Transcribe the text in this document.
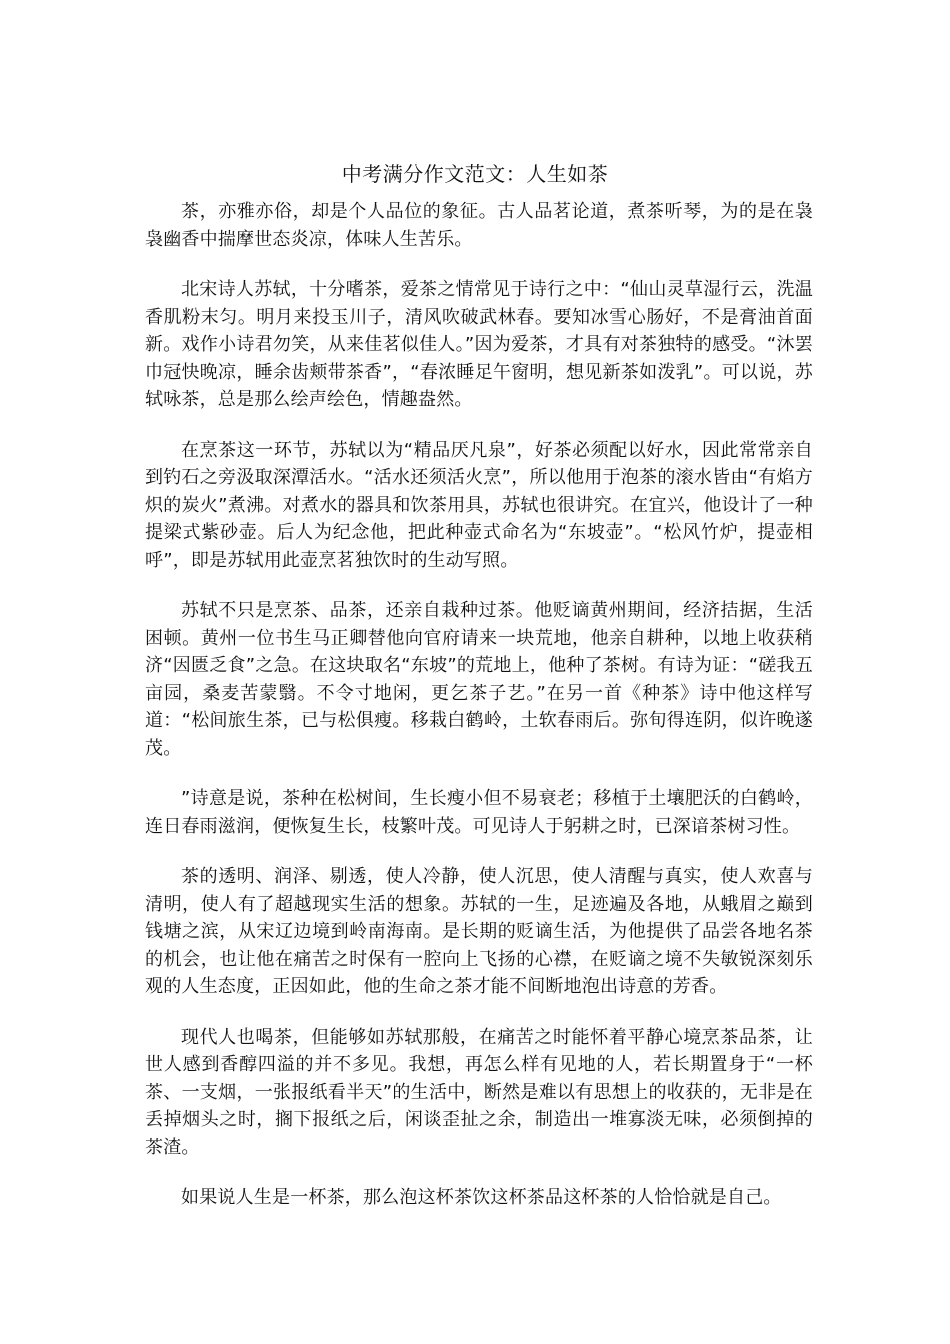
中考满分作文范文：人生如茶

茶，亦雅亦俗，却是个人品位的象征。古人品茗论道，煮茶听琴，为的是在袅袅幽香中揣摩世态炎凉，体味人生苦乐。

北宋诗人苏轼，十分嗜茶，爱茶之情常见于诗行之中：“仙山灵草湿行云，洗温香肌粉末匀。明月来投玉川子，清风吹破武林春。要知冰雪心肠好，不是膏油首面新。戏作小诗君勿笑，从来佳茗似佳人。”因为爱茶，才具有对茶独特的感受。“沐罢巾冠快晚凉，睡余齿颊带茶香”，“春浓睡足午窗明，想见新茶如泼乳”。可以说，苏轼咏茶，总是那么绘声绘色，情趣盎然。

在烹茶这一环节，苏轼以为“精品厌凡泉”，好茶必须配以好水，因此常常亲自到钓石之旁汲取深潭活水。“活水还须活火烹”，所以他用于泡茶的滚水皆由“有焰方炽的炭火”煮沸。对煮水的器具和饮茶用具，苏轼也很讲究。在宜兴，他设计了一种提梁式紫砂壶。后人为纪念他，把此种壶式命名为“东坡壶”。“松风竹炉，提壶相呼”，即是苏轼用此壶烹茗独饮时的生动写照。

苏轼不只是烹茶、品茶，还亲自栽种过茶。他贬谪黄州期间，经济拮据，生活困顿。黄州一位书生马正卿替他向官府请来一块荒地，他亲自耕种，以地上收获稍济“因匮乏食”之急。在这块取名“东坡”的荒地上，他种了茶树。有诗为证：“磋我五亩园，桑麦苦蒙翳。不令寸地闲，更乞茶子艺。”在另一首《种茶》诗中他这样写道：“松间旅生茶，已与松俱瘦。移栽白鹤岭，土软春雨后。弥旬得连阴，似许晚遂茂。

”诗意是说，茶种在松树间，生长瘦小但不易衰老；移植于土壤肥沃的白鹤岭，连日春雨滋润，便恢复生长，枝繁叶茂。可见诗人于躬耕之时，已深谙茶树习性。

茶的透明、润泽、剔透，使人冷静，使人沉思，使人清醒与真实，使人欢喜与清明，使人有了超越现实生活的想象。苏轼的一生，足迹遍及各地，从蛾眉之巅到钱塘之滨，从宋辽边境到岭南海南。是长期的贬谪生活，为他提供了品尝各地名茶的机会，也让他在痛苦之时保有一腔向上飞扬的心襟，在贬谪之境不失敏锐深刻乐观的人生态度，正因如此，他的生命之茶才能不间断地泡出诗意的芳香。

现代人也喝茶，但能够如苏轼那般，在痛苦之时能怀着平静心境烹茶品茶，让世人感到香醇四溢的并不多见。我想，再怎么样有见地的人，若长期置身于“一杯茶、一支烟，一张报纸看半天”的生活中，断然是难以有思想上的收获的，无非是在丢掉烟头之时，搁下报纸之后，闲谈歪扯之余，制造出一堆寡淡无味，必须倒掉的茶渣。

如果说人生是一杯茶，那么泡这杯茶饮这杯茶品这杯茶的人恰恰就是自己。
